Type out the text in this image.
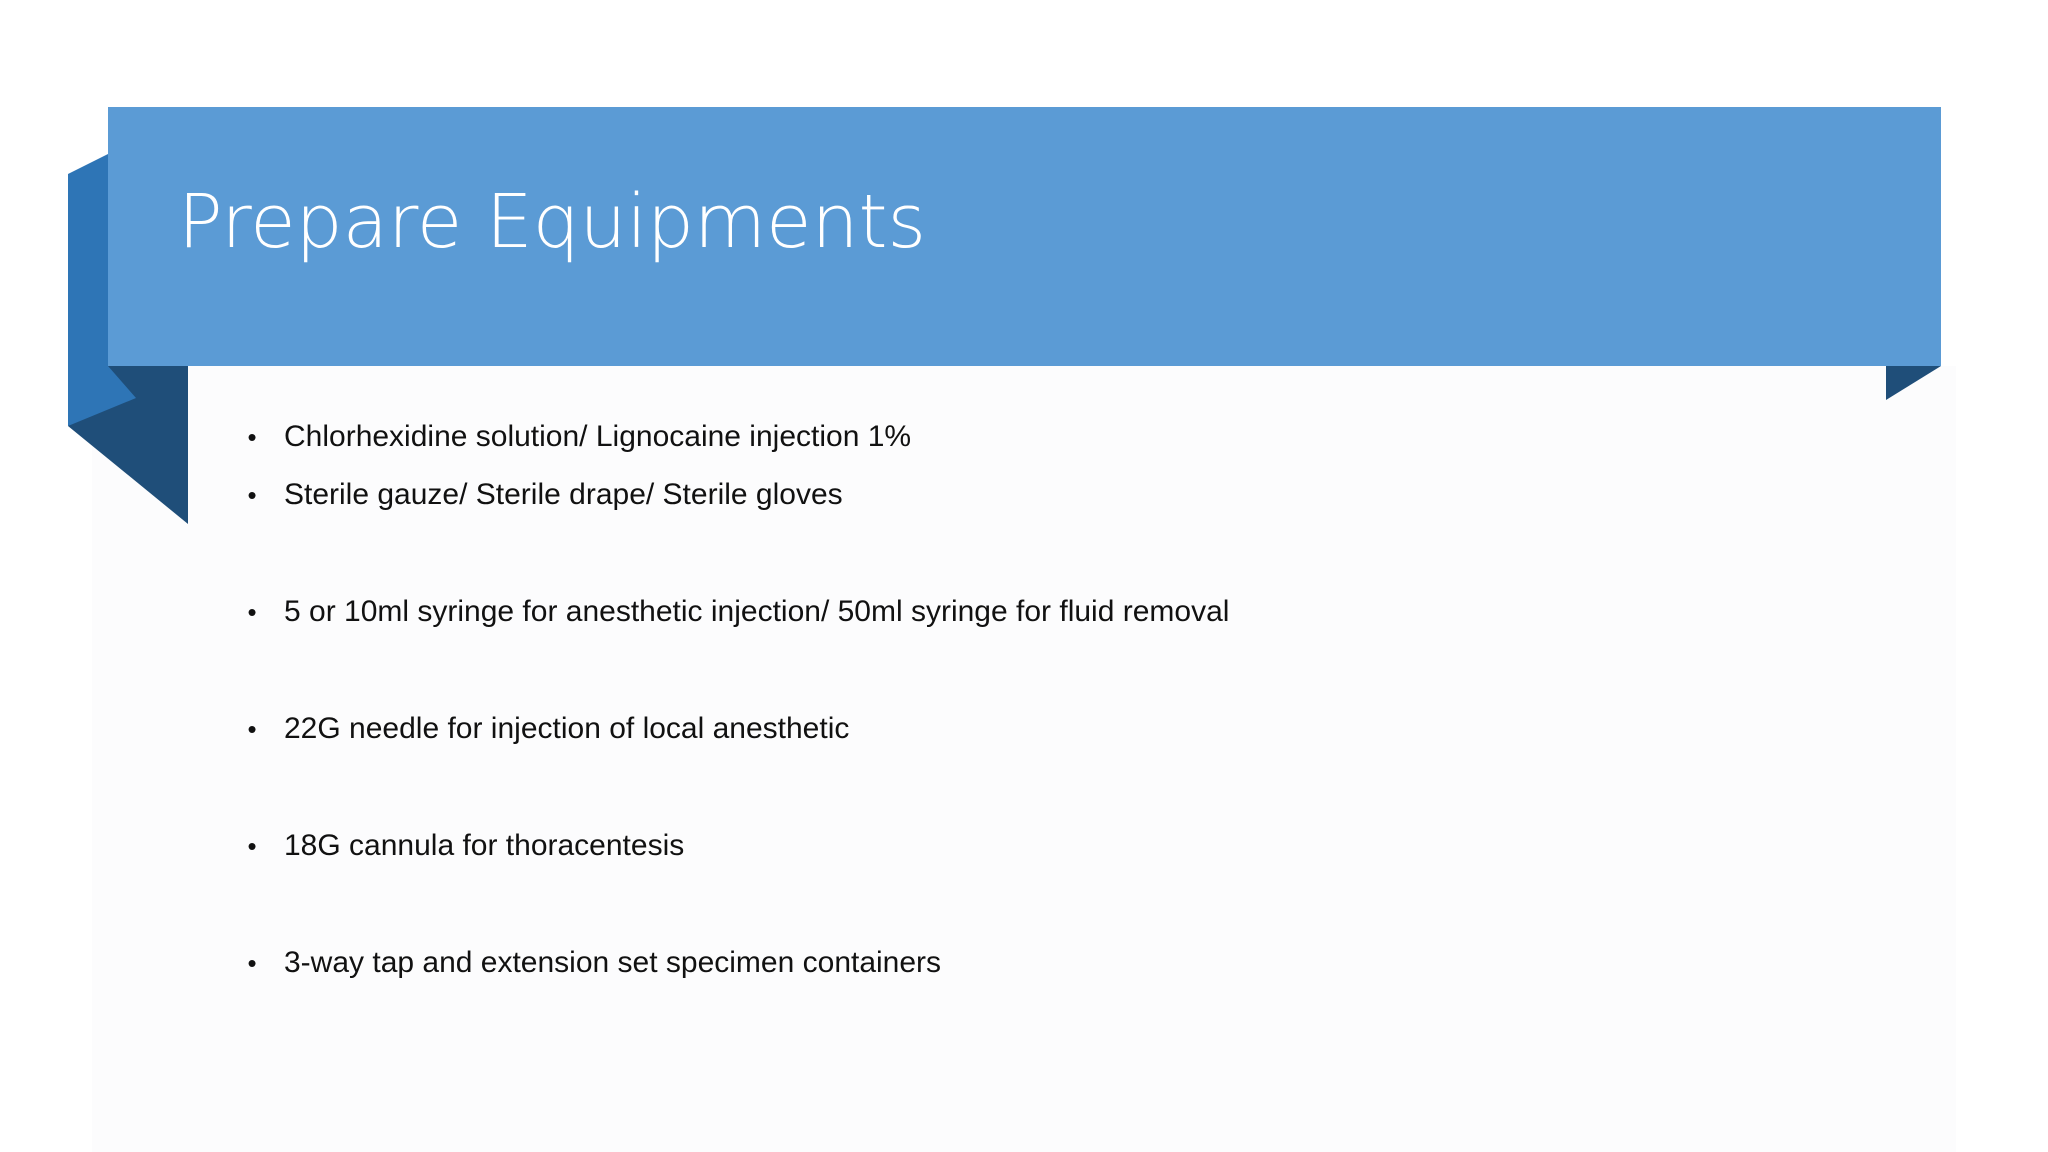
Prepare Equipments
• Chlorhexidine solution/ Lignocaine injection 1%
• Sterile gauze/ Sterile drape/ Sterile gloves
• 5 or 10ml syringe for anesthetic injection/ 50ml syringe for fluid removal
• 22G needle for injection of local anesthetic
• 18G cannula for thoracentesis
• 3-way tap and extension set specimen containers
